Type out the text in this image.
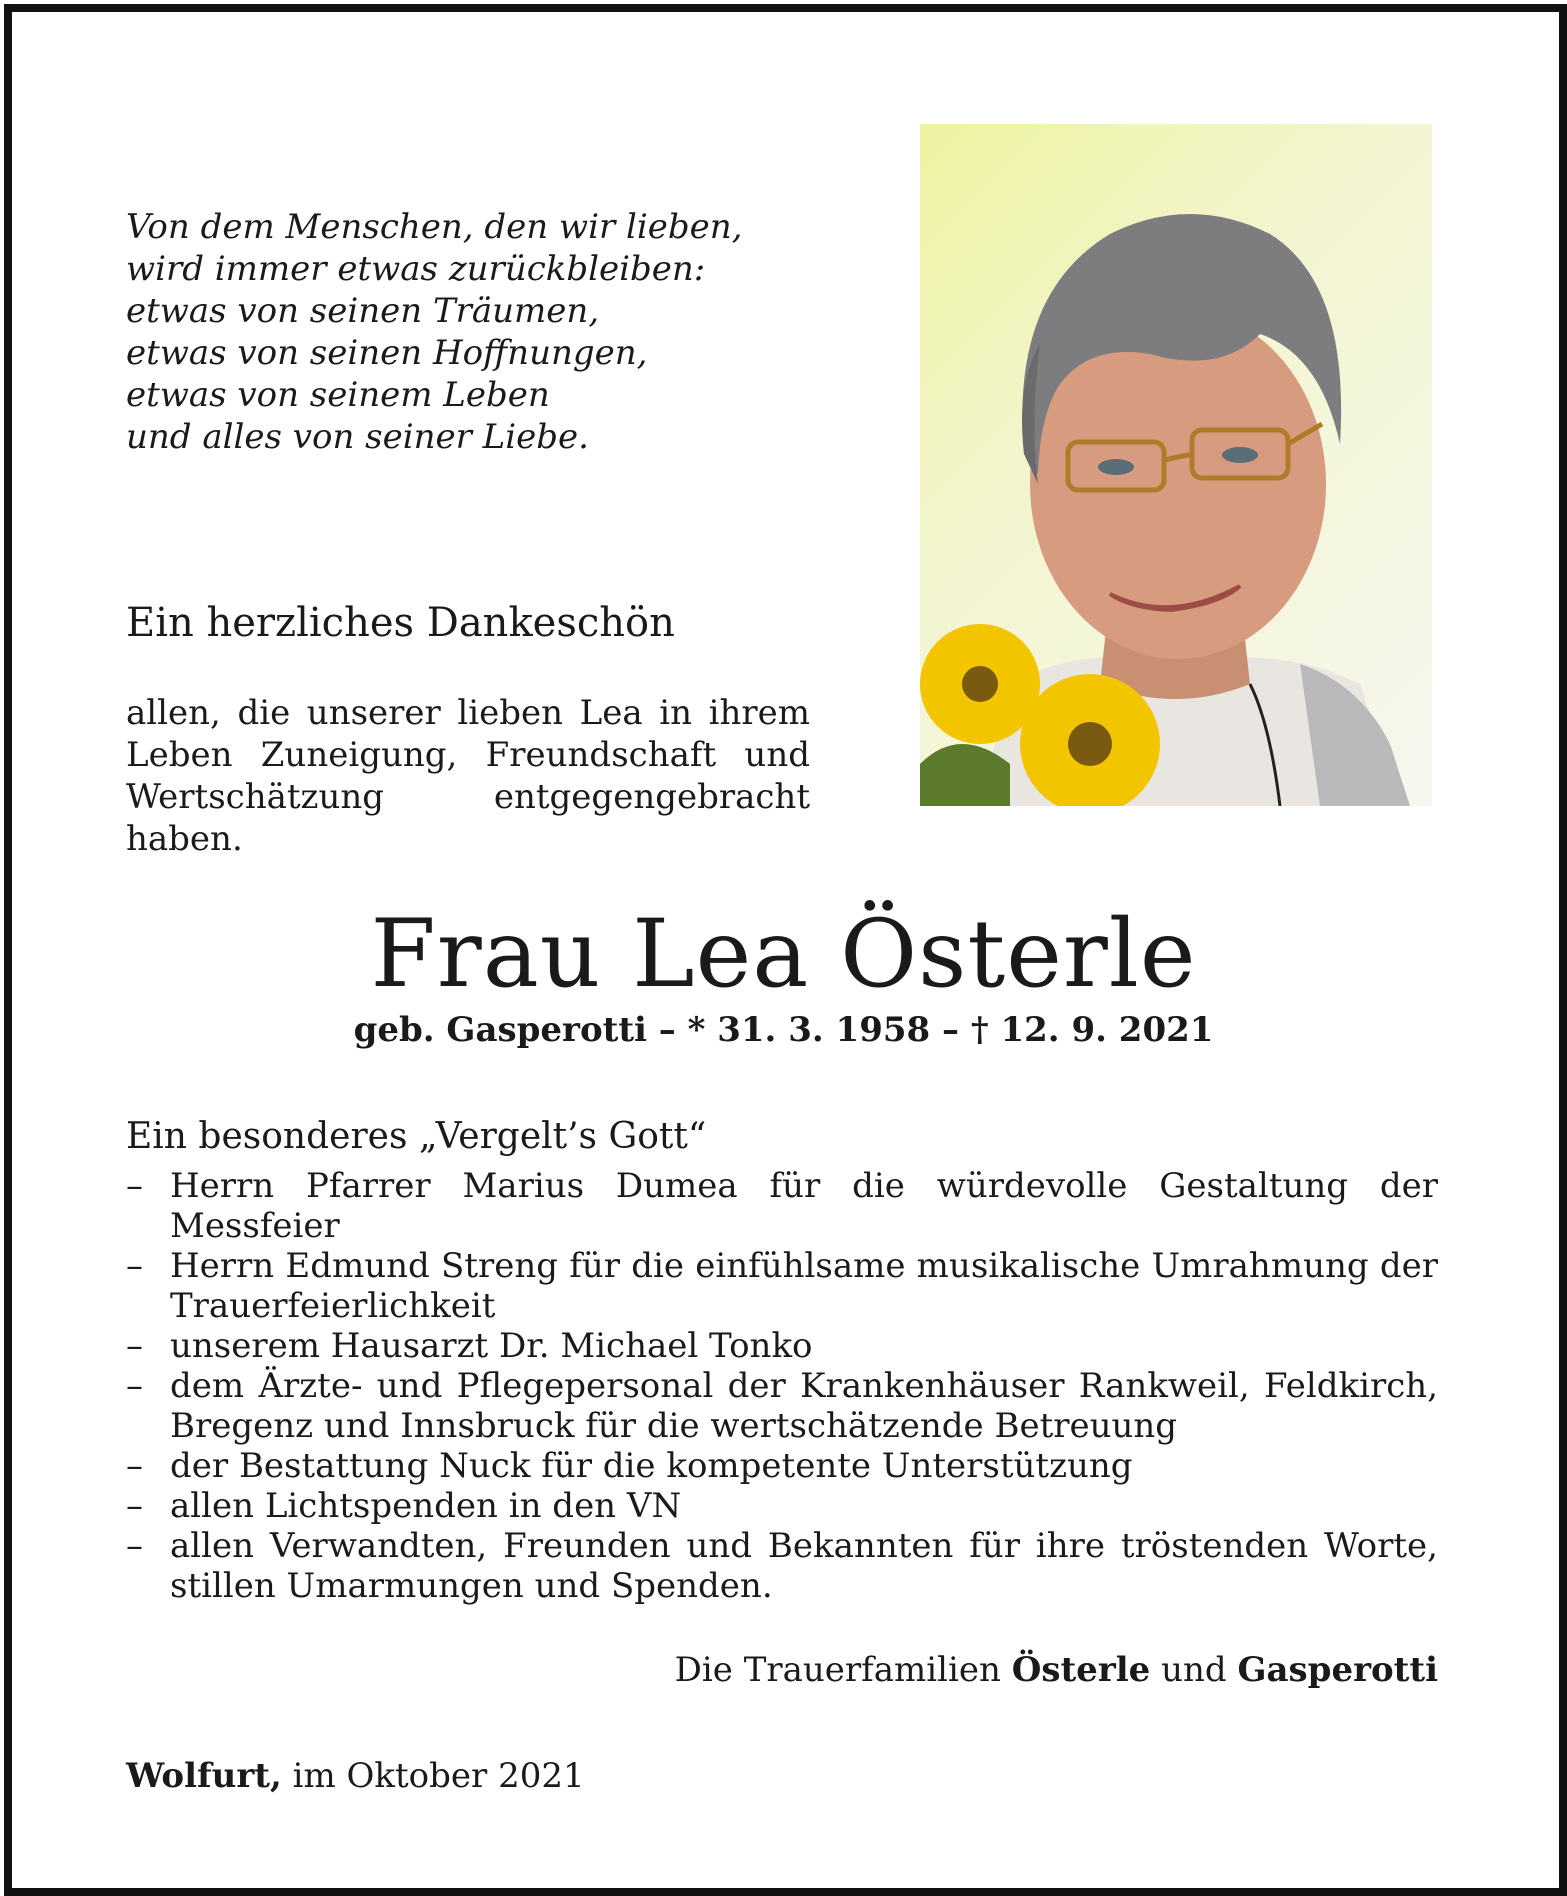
Von dem Menschen, den wir lieben,
wird immer etwas zurückbleiben:
etwas von seinen Träumen,
etwas von seinen Hoffnungen,
etwas von seinem Leben
und alles von seiner Liebe.
Ein herzliches Dankeschön
allen, die unserer lieben Lea in ihrem Leben Zuneigung, Freundschaft und Wertschätzung entgegengebracht haben.
Frau Lea Österle
geb. Gasperotti – * 31. 3. 1958 – † 12. 9. 2021
Ein besonderes „Vergelt’s Gott“
– Herrn Pfarrer Marius Dumea für die würdevolle Gestaltung der Messfeier
– Herrn Edmund Streng für die einfühlsame musikalische Umrahmung der Trauerfeierlichkeit
– unserem Hausarzt Dr. Michael Tonko
– dem Ärzte- und Pflegepersonal der Krankenhäuser Rankweil, Feldkirch, Bregenz und Innsbruck für die wertschätzende Betreuung
– der Bestattung Nuck für die kompetente Unterstützung
– allen Lichtspenden in den VN
– allen Verwandten, Freunden und Bekannten für ihre tröstenden Worte, stillen Umarmungen und Spenden.
Die Trauerfamilien Österle und Gasperotti
Wolfurt, im Oktober 2021
